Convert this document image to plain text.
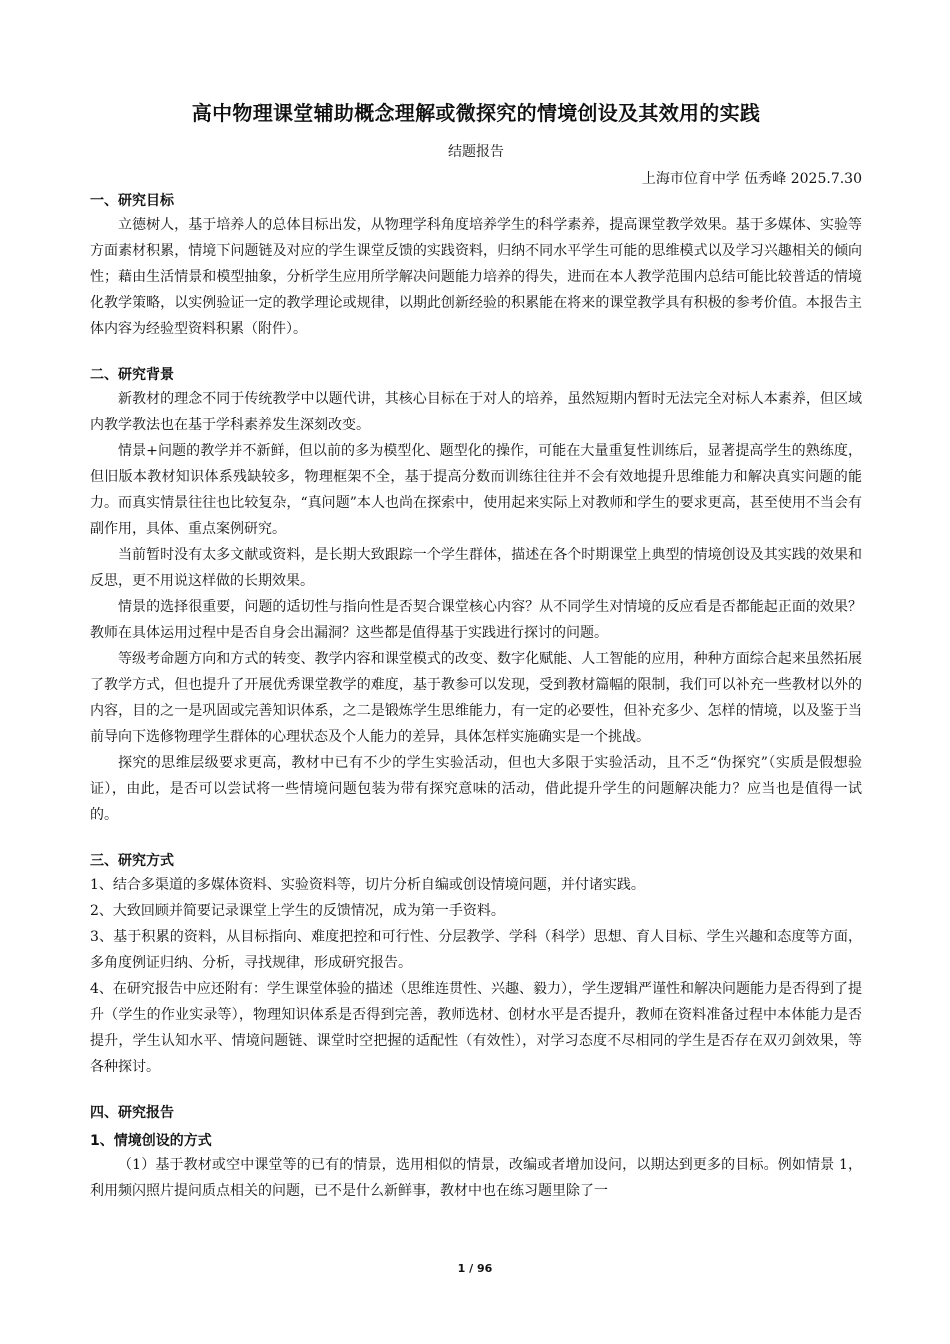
高中物理课堂辅助概念理解或微探究的情境创设及其效用的实践
结题报告
上海市位育中学 伍秀峰 2025.7.30
一、研究目标

立德树人，基于培养人的总体目标出发，从物理学科角度培养学生的科学素养，提高课堂教学效果。基于多媒体、实验等方面素材积累，情境下问题链及对应的学生课堂反馈的实践资料，归纳不同水平学生可能的思维模式以及学习兴趣相关的倾向性；藉由生活情景和模型抽象，分析学生应用所学解决问题能力培养的得失，进而在本人教学范围内总结可能比较普适的情境化教学策略，以实例验证一定的教学理论或规律，以期此创新经验的积累能在将来的课堂教学具有积极的参考价值。本报告主体内容为经验型资料积累（附件）。

二、研究背景

新教材的理念不同于传统教学中以题代讲，其核心目标在于对人的培养，虽然短期内暂时无法完全对标人本素养，但区域内教学教法也在基于学科素养发生深刻改变。

情景+问题的教学并不新鲜，但以前的多为模型化、题型化的操作，可能在大量重复性训练后，显著提高学生的熟练度，但旧版本教材知识体系残缺较多，物理框架不全，基于提高分数而训练往往并不会有效地提升思维能力和解决真实问题的能力。而真实情景往往也比较复杂，“真问题”本人也尚在探索中，使用起来实际上对教师和学生的要求更高，甚至使用不当会有副作用，具体、重点案例研究。

当前暂时没有太多文献或资料，是长期大致跟踪一个学生群体，描述在各个时期课堂上典型的情境创设及其实践的效果和反思，更不用说这样做的长期效果。

情景的选择很重要，问题的适切性与指向性是否契合课堂核心内容？从不同学生对情境的反应看是否都能起正面的效果？教师在具体运用过程中是否自身会出漏洞？这些都是值得基于实践进行探讨的问题。

等级考命题方向和方式的转变、教学内容和课堂模式的改变、数字化赋能、人工智能的应用，种种方面综合起来虽然拓展了教学方式，但也提升了开展优秀课堂教学的难度，基于教参可以发现，受到教材篇幅的限制，我们可以补充一些教材以外的内容，目的之一是巩固或完善知识体系，之二是锻炼学生思维能力，有一定的必要性，但补充多少、怎样的情境，以及鉴于当前导向下选修物理学生群体的心理状态及个人能力的差异，具体怎样实施确实是一个挑战。

探究的思维层级要求更高，教材中已有不少的学生实验活动，但也大多限于实验活动，且不乏“伪探究”（实质是假想验证），由此，是否可以尝试将一些情境问题包装为带有探究意味的活动，借此提升学生的问题解决能力？应当也是值得一试的。

三、研究方式

1、结合多渠道的多媒体资料、实验资料等，切片分析自编或创设情境问题，并付诸实践。

2、大致回顾并简要记录课堂上学生的反馈情况，成为第一手资料。

3、基于积累的资料，从目标指向、难度把控和可行性、分层教学、学科（科学）思想、育人目标、学生兴趣和态度等方面，多角度例证归纳、分析，寻找规律，形成研究报告。

4、在研究报告中应还附有：学生课堂体验的描述（思维连贯性、兴趣、毅力），学生逻辑严谨性和解决问题能力是否得到了提升（学生的作业实录等），物理知识体系是否得到完善，教师选材、创材水平是否提升，教师在资料准备过程中本体能力是否提升，学生认知水平、情境问题链、课堂时空把握的适配性（有效性），对学习态度不尽相同的学生是否存在双刃剑效果，等各种探讨。

四、研究报告
1、情境创设的方式

（1）基于教材或空中课堂等的已有的情景，选用相似的情景，改编或者增加设问，以期达到更多的目标。例如情景 1，利用频闪照片提问质点相关的问题，已不是什么新鲜事，教材中也在练习题里除了一

1 / 96
